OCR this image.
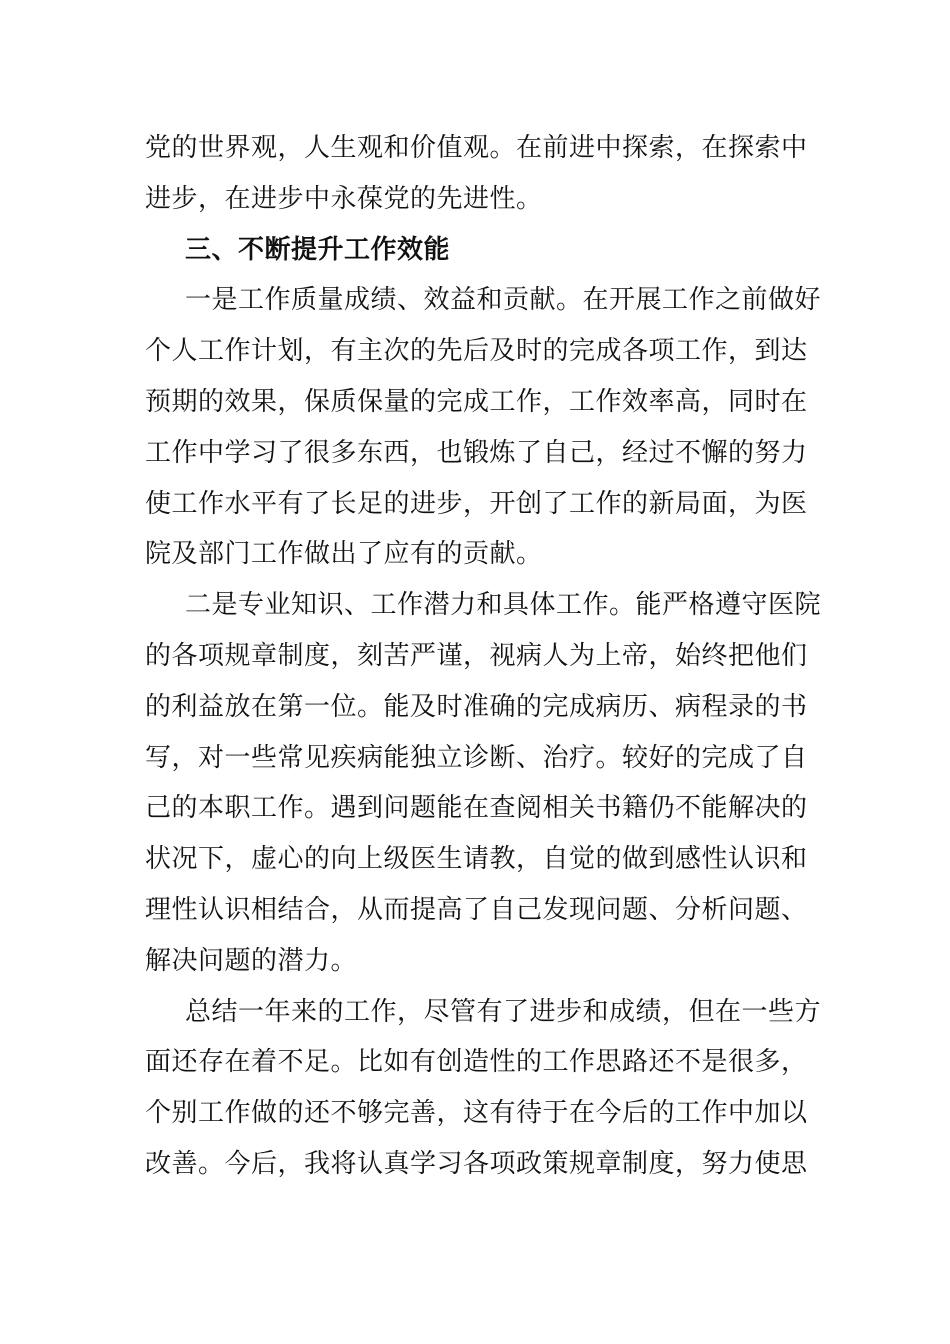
党的世界观，人生观和价值观。在前进中探索，在探索中
进步，在进步中永葆党的先进性。
三、不断提升工作效能
一是工作质量成绩、效益和贡献。在开展工作之前做好
个人工作计划，有主次的先后及时的完成各项工作，到达
预期的效果，保质保量的完成工作，工作效率高，同时在
工作中学习了很多东西，也锻炼了自己，经过不懈的努力
使工作水平有了长足的进步，开创了工作的新局面，为医
院及部门工作做出了应有的贡献。
二是专业知识、工作潜力和具体工作。能严格遵守医院
的各项规章制度，刻苦严谨，视病人为上帝，始终把他们
的利益放在第一位。能及时准确的完成病历、病程录的书
写，对一些常见疾病能独立诊断、治疗。较好的完成了自
己的本职工作。遇到问题能在查阅相关书籍仍不能解决的
状况下，虚心的向上级医生请教，自觉的做到感性认识和
理性认识相结合，从而提高了自己发现问题、分析问题、
解决问题的潜力。
总结一年来的工作，尽管有了进步和成绩，但在一些方
面还存在着不足。比如有创造性的工作思路还不是很多，
个别工作做的还不够完善，这有待于在今后的工作中加以
改善。今后，我将认真学习各项政策规章制度，努力使思
